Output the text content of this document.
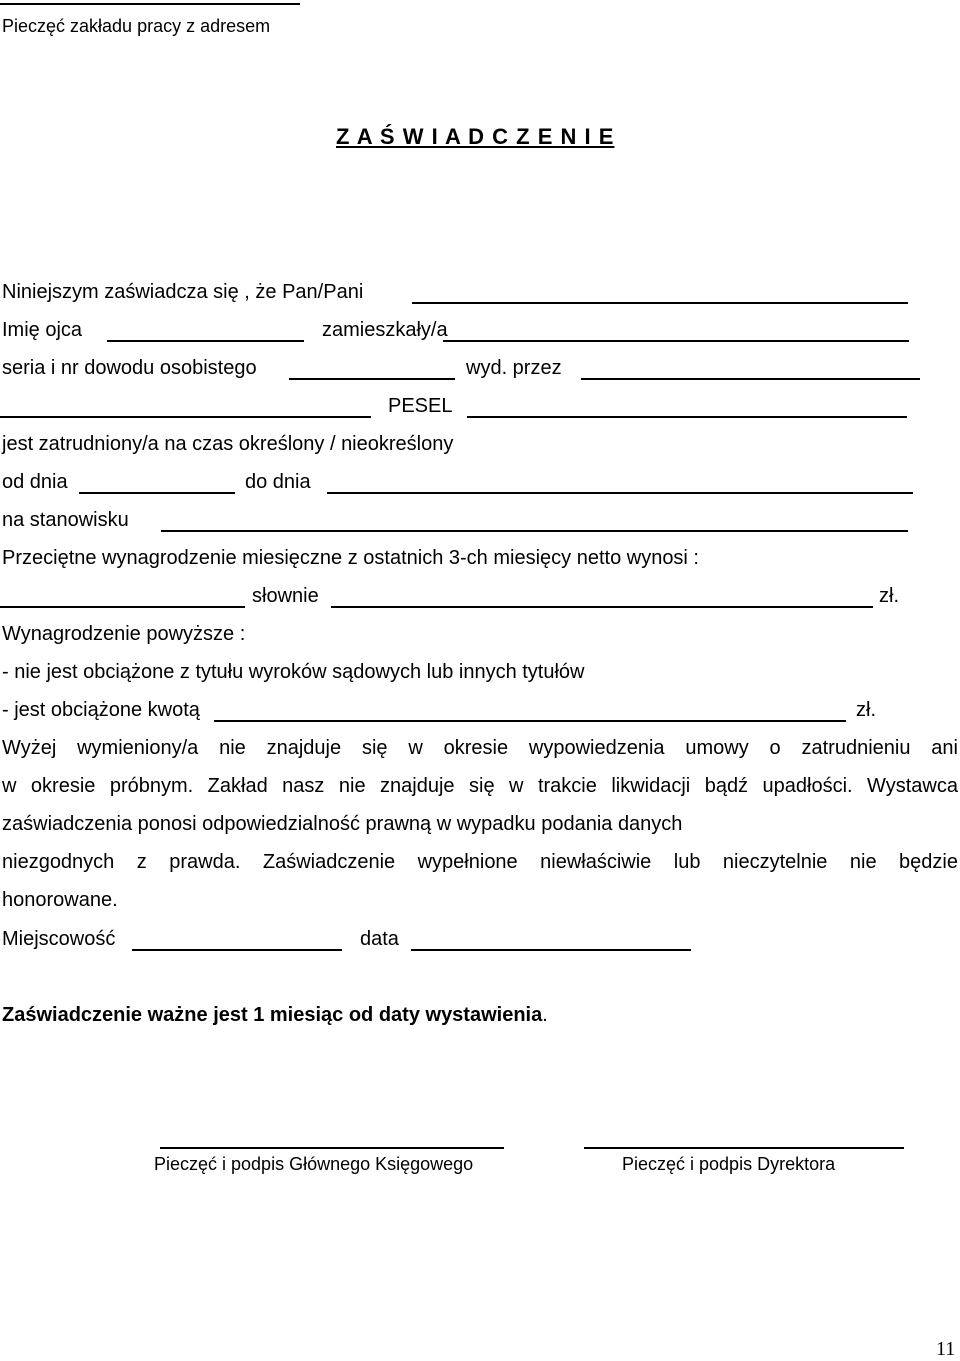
Pieczęć zakładu pracy z adresem
Z A Ś W I A D C Z E N I E
Niniejszym zaświadcza się , że Pan/Pani
Imię ojca	zamieszkały/a
seria i nr dowodu osobistego	wyd. przez
PESEL
jest zatrudniony/a na czas określony / nieokreślony
od dnia	do dnia
na stanowisku
Przeciętne wynagrodzenie miesięczne z ostatnich 3-ch miesięcy netto wynosi :
słownie	zł.
Wynagrodzenie powyższe :
- nie jest obciążone z tytułu wyroków sądowych lub innych tytułów
- jest obciążone kwotą	zł.
Wyżej wymieniony/a nie znajduje się w okresie wypowiedzenia umowy o zatrudnieniu ani
w okresie próbnym. Zakład nasz nie znajduje się w trakcie likwidacji bądź upadłości. Wystawca
zaświadczenia ponosi odpowiedzialność prawną w wypadku podania danych
niezgodnych z prawda. Zaświadczenie wypełnione niewłaściwie lub nieczytelnie nie będzie
honorowane.
Miejscowość	data
Zaświadczenie ważne jest 1 miesiąc od daty wystawienia.
Pieczęć i podpis Głównego Księgowego	Pieczęć i podpis Dyrektora
11
